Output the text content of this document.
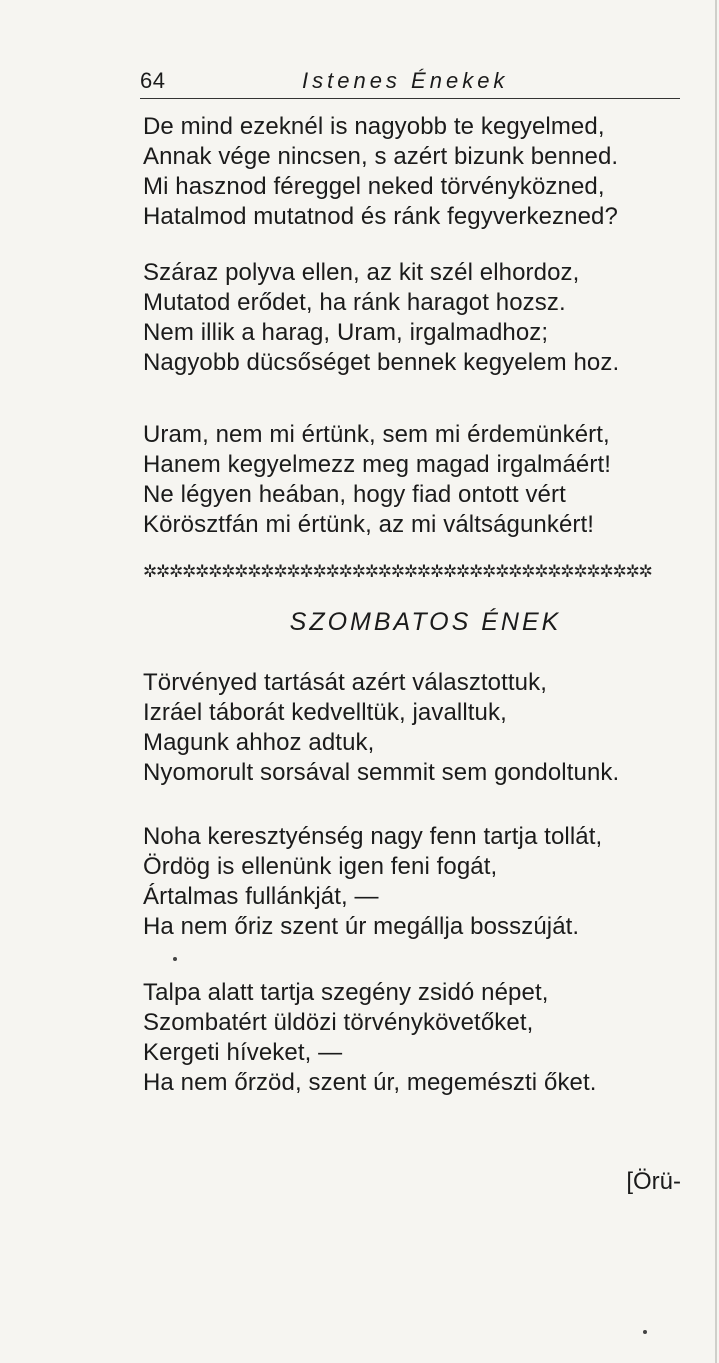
64	Istenes Énekek
De mind ezeknél is nagyobb te kegyelmed,
Annak vége nincsen, s azért bizunk benned.
Mi hasznod féreggel neked törvényközned,
Hatalmod mutatnod és ránk fegyverkezned?
Száraz polyva ellen, az kit szél elhordoz,
Mutatod erődet, ha ránk haragot hozsz.
Nem illik a harag, Uram, irgalmadhoz;
Nagyobb dücsőséget bennek kegyelem hoz.
Uram, nem mi értünk, sem mi érdemünkért,
Hanem kegyelmezz meg magad irgalmáért!
Ne légyen heában, hogy fiad ontott vért
Körösztfán mi értünk, az mi váltságunkért!
✲✲✲✲✲✲✲✲✲✲✲✲✲✲✲✲✲✲✲✲✲✲✲✲✲✲✲✲✲✲✲✲✲✲✲✲✲✲✲
SZOMBATOS ÉNEK
Törvényed tartását azért választottuk,
Izráel táborát kedvelltük, javalltuk,
Magunk ahhoz adtuk,
Nyomorult sorsával semmit sem gondoltunk.
Noha keresztyénség nagy fenn tartja tollát,
Ördög is ellenünk igen feni fogát,
Ártalmas fullánkját, —
Ha nem őriz szent úr megállja bosszúját.
Talpa alatt tartja szegény zsidó népet,
Szombatért üldözi törvénykövetőket,
Kergeti híveket, —
Ha nem őrzöd, szent úr, megemészti őket.
[Örü-
